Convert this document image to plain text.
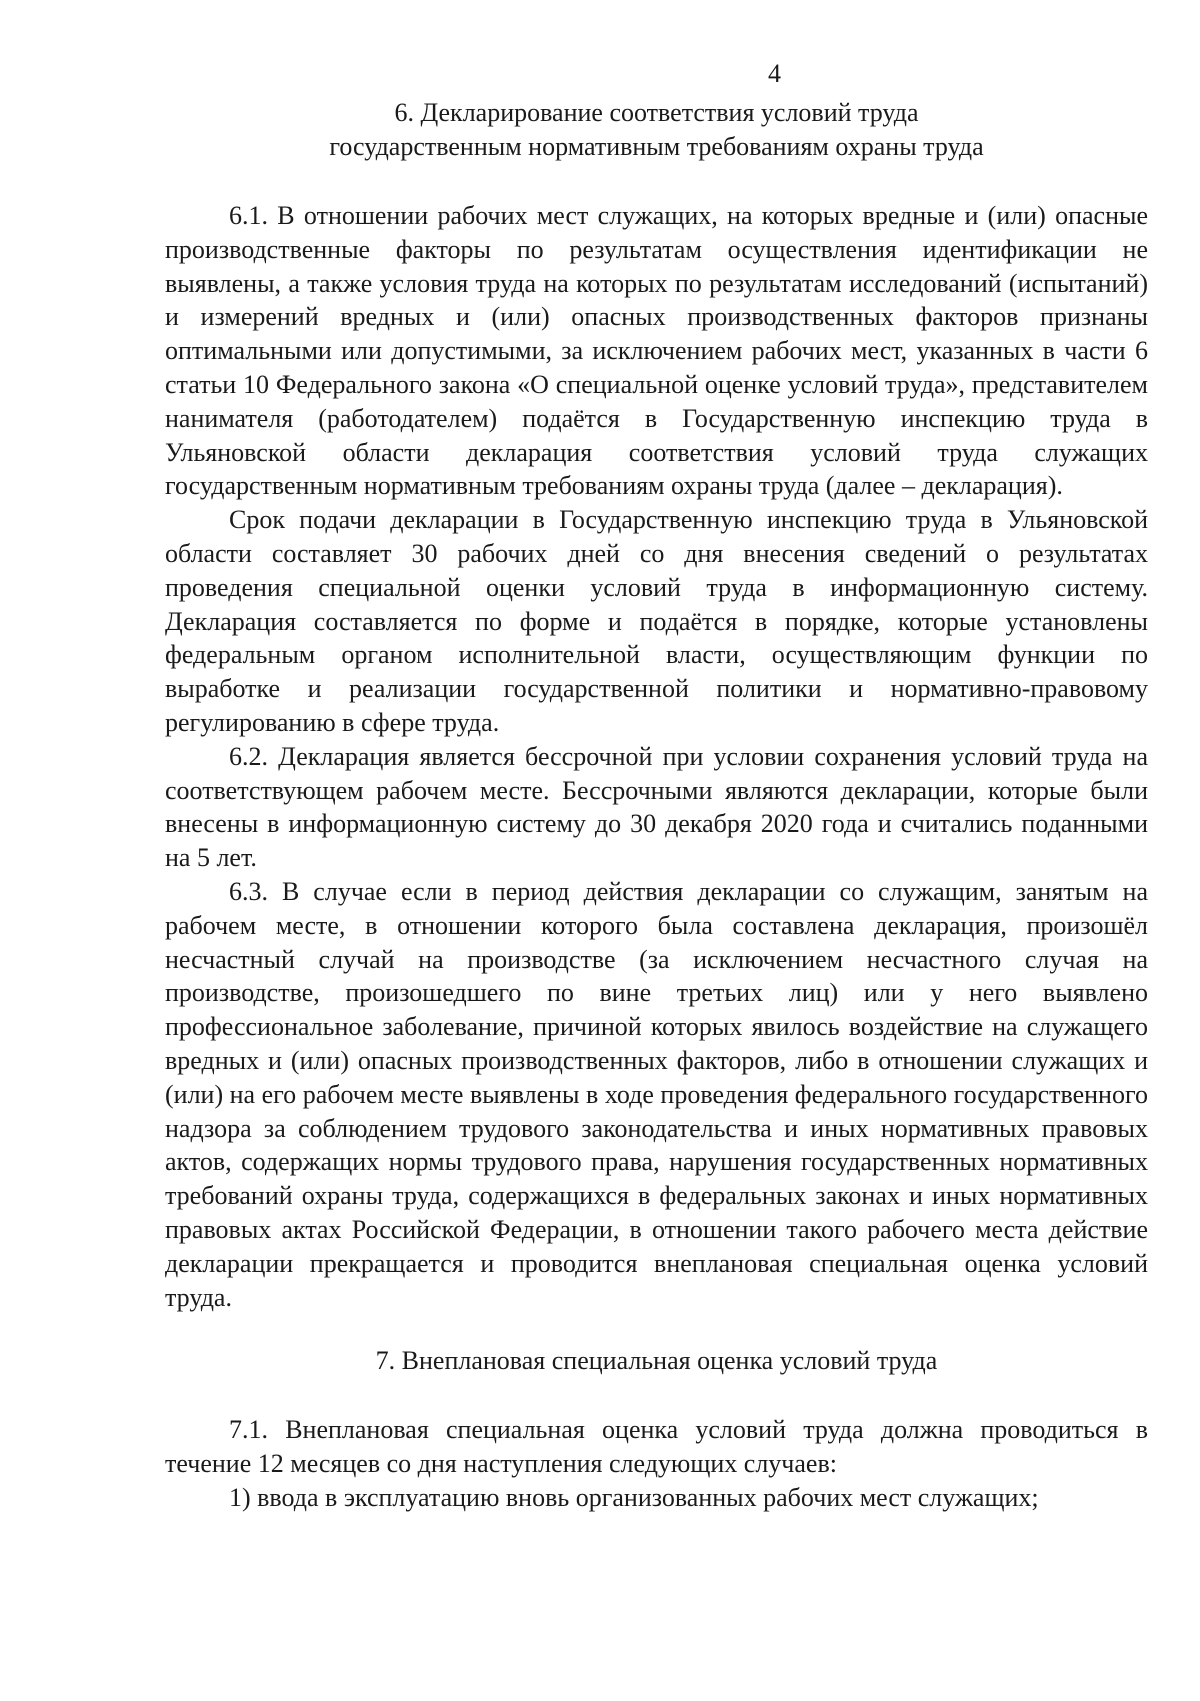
4
6. Декларирование соответствия условий труда
государственным нормативным требованиям охраны труда

6.1. В отношении рабочих мест служащих, на которых вредные и (или) опасные производственные факторы по результатам осуществления идентификации не выявлены, а также условия труда на которых по результатам исследований (испытаний) и измерений вредных и (или) опасных производственных факторов признаны оптимальными или допустимыми, за исключением рабочих мест, указанных в части 6 статьи 10 Федерального закона «О специальной оценке условий труда», представителем нанимателя (работодателем) подаётся в Государственную инспекцию труда в Ульяновской области декларация соответствия условий труда служащих государственным нормативным требованиям охраны труда (далее – декларация).

Срок подачи декларации в Государственную инспекцию труда в Ульяновской области составляет 30 рабочих дней со дня внесения сведений о результатах проведения специальной оценки условий труда в информационную систему. Декларация составляется по форме и подаётся в порядке, которые установлены федеральным органом исполнительной власти, осуществляющим функции по выработке и реализации государственной политики и нормативно-правовому регулированию в сфере труда.

6.2. Декларация является бессрочной при условии сохранения условий труда на соответствующем рабочем месте. Бессрочными являются декларации, которые были внесены в информационную систему до 30 декабря 2020 года и считались поданными на 5 лет.

6.3. В случае если в период действия декларации со служащим, занятым на рабочем месте, в отношении которого была составлена декларация, произошёл несчастный случай на производстве (за исключением несчастного случая на производстве, произошедшего по вине третьих лиц) или у него выявлено профессиональное заболевание, причиной которых явилось воздействие на служащего вредных и (или) опасных производственных факторов, либо в отношении служащих и (или) на его рабочем месте выявлены в ходе проведения федерального государственного надзора за соблюдением трудового законодательства и иных нормативных правовых актов, содержащих нормы трудового права, нарушения государственных нормативных требований охраны труда, содержащихся в федеральных законах и иных нормативных правовых актах Российской Федерации, в отношении такого рабочего места действие декларации прекращается и проводится внеплановая специальная оценка условий труда.

7. Внеплановая специальная оценка условий труда

7.1. Внеплановая специальная оценка условий труда должна проводиться в течение 12 месяцев со дня наступления следующих случаев:

1) ввода в эксплуатацию вновь организованных рабочих мест служащих;
